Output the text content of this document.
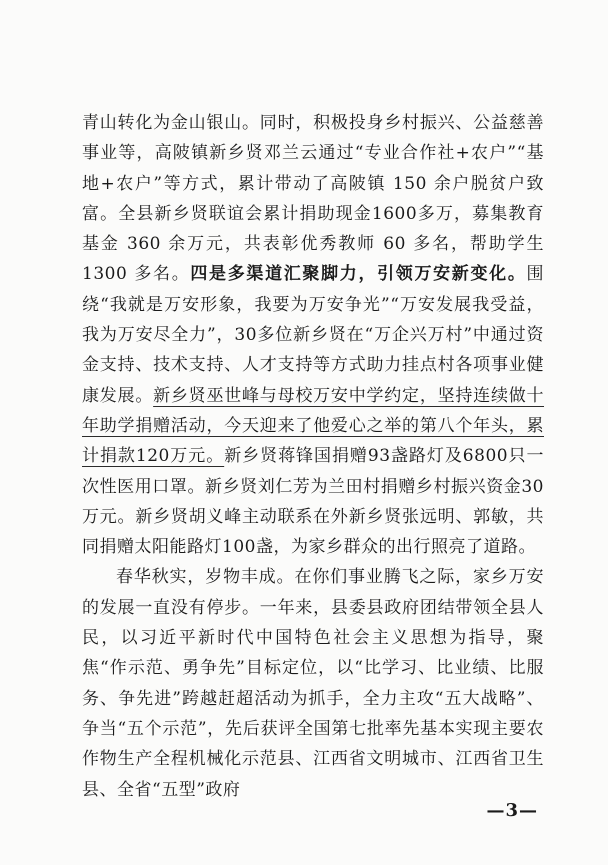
青山转化为金山银山。同时，积极投身乡村振兴、公益慈善事业等，高陂镇新乡贤邓兰云通过“专业合作社+农户”“基地+农户”等方式，累计带动了高陂镇 150 余户脱贫户致富。全县新乡贤联谊会累计捐助现金1600多万，募集教育基金 360 余万元，共表彰优秀教师 60 多名，帮助学生 1300 多名。四是多渠道汇聚脚力，引领万安新变化。围绕“我就是万安形象，我要为万安争光”“万安发展我受益，我为万安尽全力”，30多位新乡贤在“万企兴万村”中通过资金支持、技术支持、人才支持等方式助力挂点村各项事业健康发展。新乡贤巫世峰与母校万安中学约定，坚持连续做十年助学捐赠活动，今天迎来了他爱心之举的第八个年头，累计捐款120万元。新乡贤蒋锋国捐赠93盏路灯及6800只一次性医用口罩。新乡贤刘仁芳为兰田村捐赠乡村振兴资金30万元。新乡贤胡义峰主动联系在外新乡贤张远明、郭敏，共同捐赠太阳能路灯100盏，为家乡群众的出行照亮了道路。

春华秋实，岁物丰成。在你们事业腾飞之际，家乡万安的发展一直没有停步。一年来，县委县政府团结带领全县人民，以习近平新时代中国特色社会主义思想为指导，聚焦“作示范、勇争先”目标定位，以“比学习、比业绩、比服务、争先进”跨越赶超活动为抓手，全力主攻“五大战略”、争当“五个示范”，先后获评全国第七批率先基本实现主要农作物生产全程机械化示范县、江西省文明城市、江西省卫生县、全省“五型”政府

—3—
